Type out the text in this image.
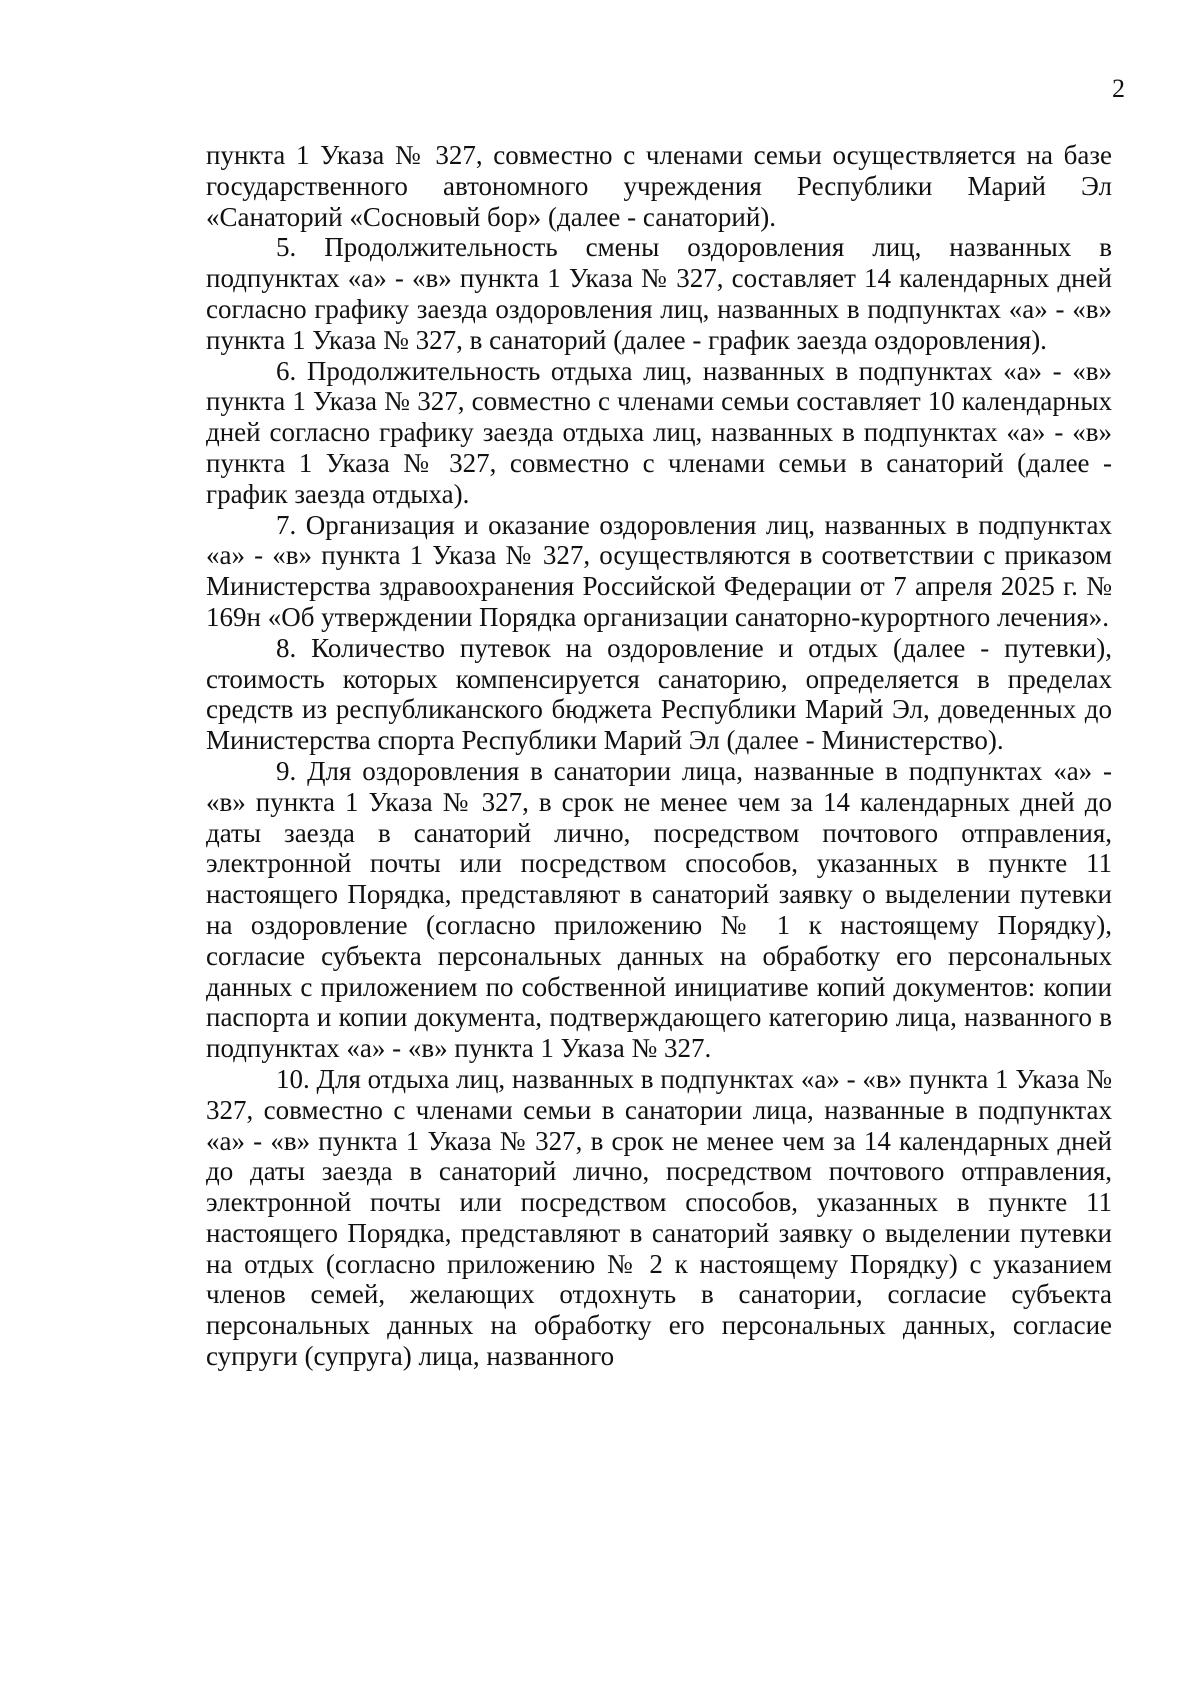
2

пункта 1 Указа № 327, совместно с членами семьи осуществляется на базе государственного автономного учреждения Республики Марий Эл «Санаторий «Сосновый бор» (далее - санаторий).

5. Продолжительность смены оздоровления лиц, названных в подпунктах «а» - «в» пункта 1 Указа № 327, составляет 14 календарных дней согласно графику заезда оздоровления лиц, названных в подпунктах «а» - «в» пункта 1 Указа № 327, в санаторий (далее - график заезда оздоровления).

6. Продолжительность отдыха лиц, названных в подпунктах «а» - «в» пункта 1 Указа № 327, совместно с членами семьи составляет 10 календарных дней согласно графику заезда отдыха лиц, названных в подпунктах «а» - «в» пункта 1 Указа № 327, совместно с членами семьи в санаторий (далее - график заезда отдыха).

7. Организация и оказание оздоровления лиц, названных в подпунктах «а» - «в» пункта 1 Указа № 327, осуществляются в соответствии с приказом Министерства здравоохранения Российской Федерации от 7 апреля 2025 г. № 169н «Об утверждении Порядка организации санаторно-курортного лечения».

8. Количество путевок на оздоровление и отдых (далее - путевки), стоимость которых компенсируется санаторию, определяется в пределах средств из республиканского бюджета Республики Марий Эл, доведенных до Министерства спорта Республики Марий Эл (далее - Министерство).

9. Для оздоровления в санатории лица, названные в подпунктах «а» - «в» пункта 1 Указа № 327, в срок не менее чем за 14 календарных дней до даты заезда в санаторий лично, посредством почтового отправления, электронной почты или посредством способов, указанных в пункте 11 настоящего Порядка, представляют в санаторий заявку о выделении путевки на оздоровление (согласно приложению № 1 к настоящему Порядку), согласие субъекта персональных данных на обработку его персональных данных с приложением по собственной инициативе копий документов: копии паспорта и копии документа, подтверждающего категорию лица, названного в подпунктах «а» - «в» пункта 1 Указа № 327.

10. Для отдыха лиц, названных в подпунктах «а» - «в» пункта 1 Указа № 327, совместно с членами семьи в санатории лица, названные в подпунктах «а» - «в» пункта 1 Указа № 327, в срок не менее чем за 14 календарных дней до даты заезда в санаторий лично, посредством почтового отправления, электронной почты или посредством способов, указанных в пункте 11 настоящего Порядка, представляют в санаторий заявку о выделении путевки на отдых (согласно приложению № 2 к настоящему Порядку) с указанием членов семей, желающих отдохнуть в санатории, согласие субъекта персональных данных на обработку его персональных данных, согласие супруги (супруга) лица, названного
